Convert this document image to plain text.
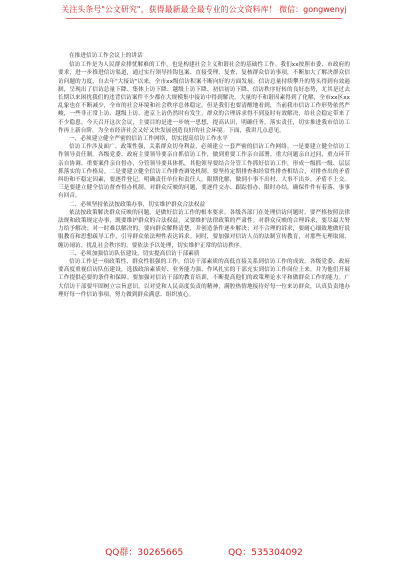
关注头条号"公文研究"，获得最新最全最专业的公文资料库！ 微信：gongwenyj

在推进信访工作会议上的讲话

信访工作是为人民群众排忧解难的工作，也是构建社会主义和谐社会的基础性工作。我们xx按照市委、市政府的要求，进一步推进信访渠道，通过实行领导挂钩包案、直接受理、复查、复核群众信访事项，不断加大了解决群众信访问题的力度，自去年"大接访"以来，全市xx级信访积案不断向好的方面发展，信访总量持续攀升的势头得到有效遏制，呈现出了信访总量下降、集体上访下降、越级上访下降、初信初访下降、信访秩序好转的良好态势，尤其是过去长期以来困扰我们的违背信访案件不少都在大规模集中接访中得到解决，大量的不和谐因素得到了化解，全市xx区xx乱象也在不断减少，全市的社会环境和社会秩序总体稳定，但是我们也要清醒地看到，当前我市信访工作形势依然严峻，一些非正常上访、越级上访、进京上访仍然时有发生，群众的合理诉求得不到及时有效解决，给社会稳定带来了不少隐患。今天召开这次会议，主要目的是进一步统一思想，提高认识，明确任务，落实责任，切实推进我市信访工作再上新台阶，为全市经济社会又好又快发展创造良好的社会环境。下面，我讲几点意见。

一、必须建立健全严密的信访工作网络，切实提高信访工作水平

信访工作涉及面广、政策性强，关系群众切身利益，必须建立一套严密的信访工作网络。一是要建立健全信访工作领导责任制。各级党委、政府主要领导要亲自抓信访工作，做到重要工作亲自部署、重大问题亲自过问、重点环节亲自协调、重要案件亲自督办，分管领导要具体抓，其他领导要结合分管工作抓好信访工作，形成一级抓一级、层层抓落实的工作格局。二是要建立健全信访工作排查调处机制。要坚持定期排查和经常性排查相结合，对排查出的矛盾纠纷和不稳定因素，要逐件登记，明确责任单位和责任人，限期化解，做到小事不出村、大事不出乡、矛盾不上交。三是要建立健全信访督查督办机制。对群众反映的问题，要逐件交办、跟踪督办、限时办结，确保件件有着落、事事有回音。

二、必须坚持依法按政策办事，切实维护群众合法权益

依法按政策解决群众反映的问题，是做好信访工作的根本要求。各级各部门在处理信访问题时，要严格按照法律法规和政策规定办事，既要维护群众的合法权益，又要维护法律政策的严肃性。对群众反映的合理诉求，要尽最大努力给予解决；对一时难以解决的，要向群众解释清楚，并创造条件逐步解决；对不合理的诉求，要耐心细致地做好说服教育和思想疏导工作，引导群众依法理性表达诉求。同时，要加强对信访人员的法制宣传教育，对那些无理取闹、缠访闹访、扰乱社会秩序的，要依法予以处理，切实维护正常的信访秩序。

三、必须加强信访队伍建设，切实提高信访干部素质

信访工作是一项政策性、群众性很强的工作，信访干部素质的高低直接关系到信访工作的成效。各级党委、政府要高度重视信访队伍建设，选拔政治素质好、业务能力强、作风扎实的干部充实到信访工作岗位上来，并为他们开展工作提供必要的条件和保障。要加强对信访干部的教育培训，不断提高他们的政策理论水平和做群众工作的能力。广大信访干部要牢固树立宗旨意识，以对党和人民高度负责的精神，满腔热情地接待好每一位来访群众，认真负责地办理好每一件信访事项，努力做到群众满意、组织放心。

QQ群：30265665	QQ：535304092
